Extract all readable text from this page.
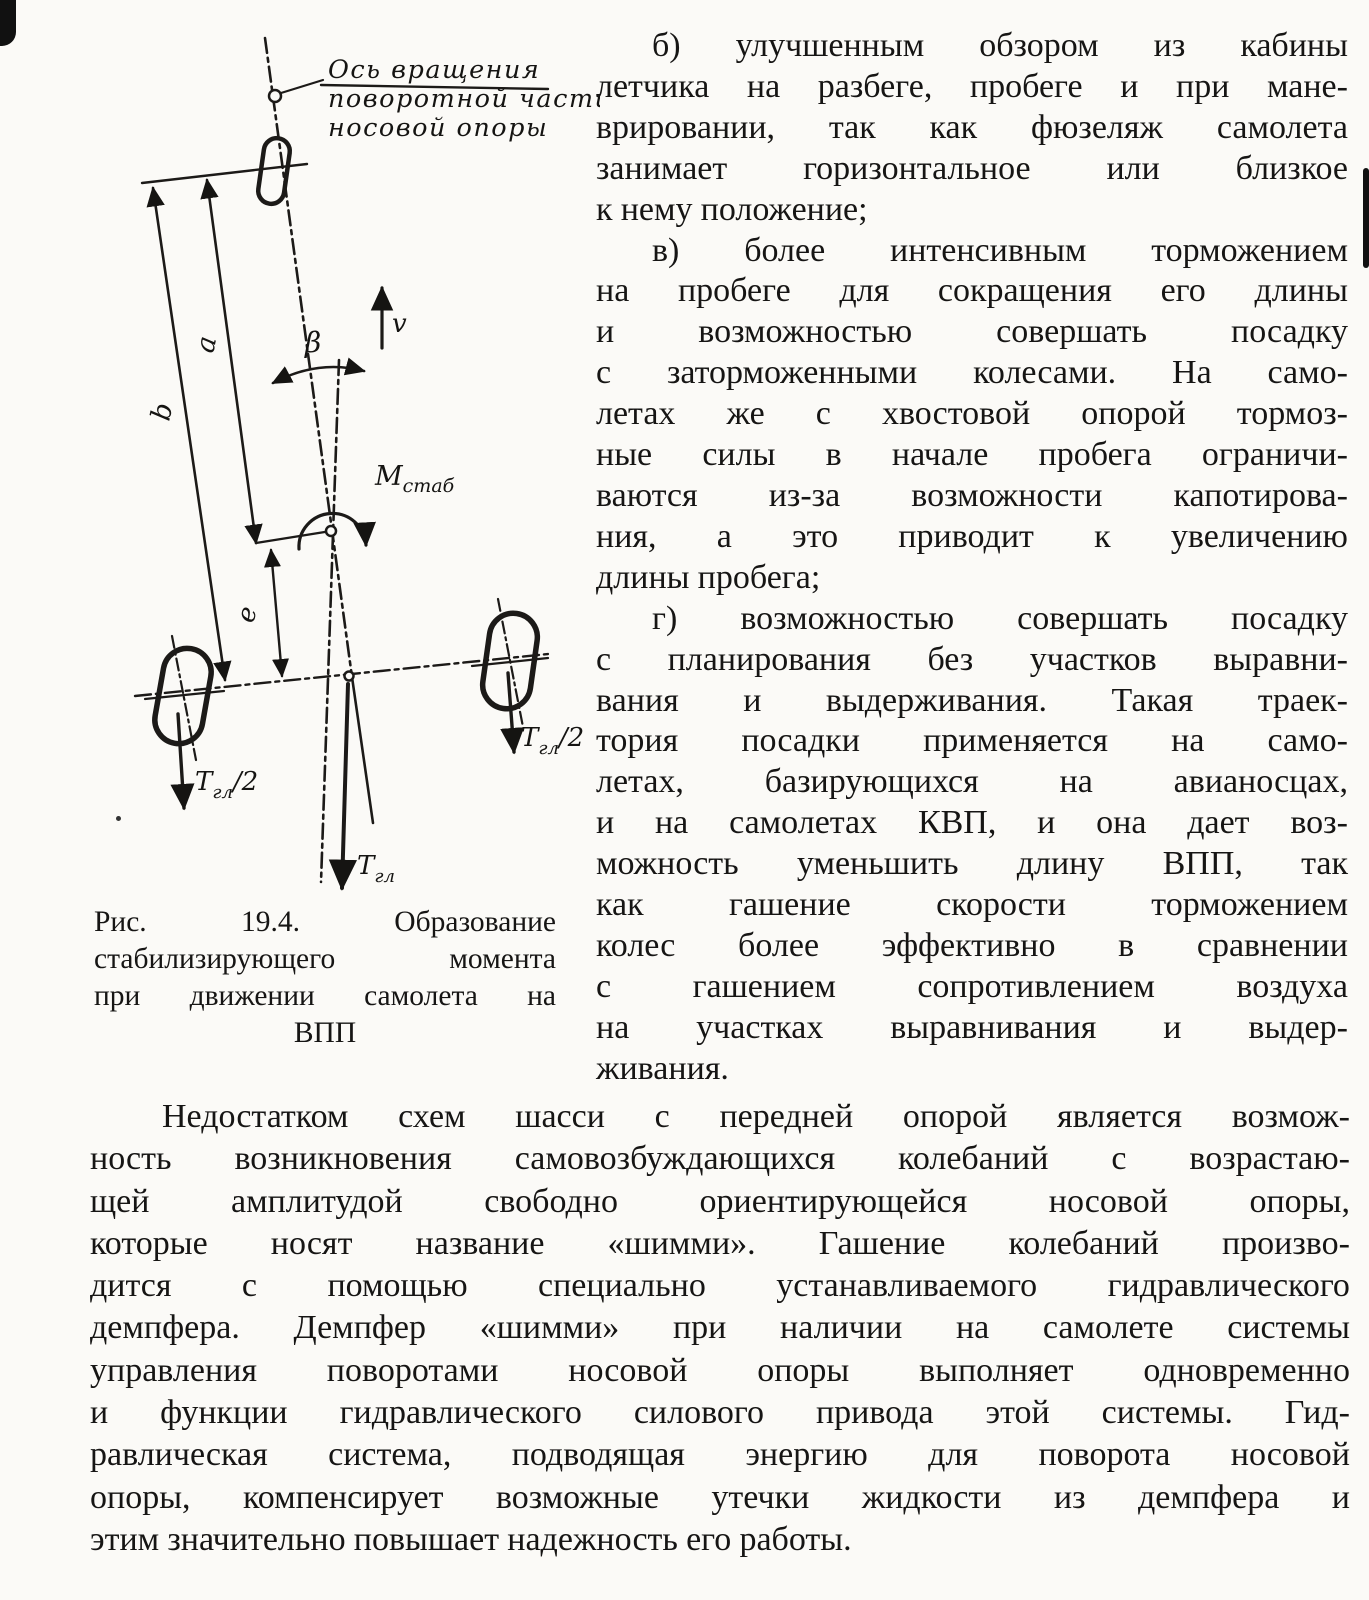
Ось вращения
поворотной части
носовой опоры
β
v
$М_{стаб}$
b
a
e
$Т_{гл}/2$
$Т_{гл}/2$
$Т_{гл}$
Рис.	19.4.	Образование
стабилизирующего	момента
при движении самолета на
ВПП
б) улучшенным обзором из кабины
летчика на разбеге, пробеге и при мане-
врировании, так как фюзеляж самолета
занимает горизонтальное или близкое
к нему положение;
в) более интенсивным торможением
на пробеге для сокращения его длины
и возможностью совершать посадку
с заторможенными колесами. На само-
летах же с хвостовой опорой тормоз-
ные силы в начале пробега ограничи-
ваются из-за возможности капотирова-
ния, а это приводит к увеличению
длины пробега;
г) возможностью совершать посадку
с планирования без участков выравни-
вания и выдерживания. Такая траек-
тория посадки применяется на само-
летах, базирующихся на авианосцах,
и на самолетах КВП, и она дает воз-
можность уменьшить длину ВПП, так
как	гашение	скорости	торможением
колес более эффективно в сравнении
с гашением сопротивлением воздуха
на участках выравнивания и выдер-
живания.
Недостатком схем шасси с передней опорой является возмож-
ность возникновения самовозбуждающихся колебаний с возрастаю-
щей амплитудой свободно ориентирующейся носовой опоры,
которые носят название «шимми». Гашение колебаний произво-
дится с помощью специально устанавливаемого гидравлического
демпфера. Демпфер «шимми» при наличии на самолете системы
управления поворотами носовой опоры выполняет одновременно
и функции гидравлического силового привода этой системы. Гид-
равлическая система, подводящая энергию для поворота носовой
опоры, компенсирует возможные утечки жидкости из демпфера и
этим значительно повышает надежность его работы.
